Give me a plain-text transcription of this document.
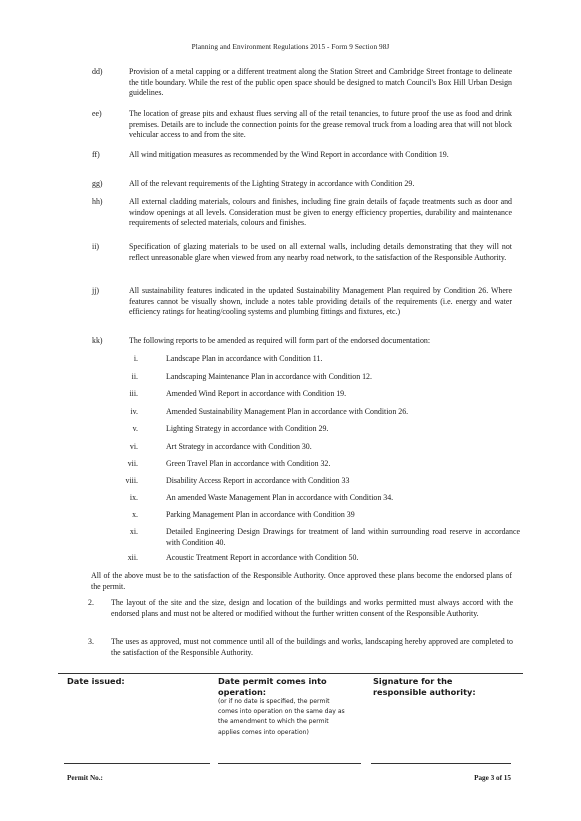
Planning and Environment Regulations 2015 - Form 9 Section 98J
dd)	Provision of a metal capping or a different treatment along the Station Street and Cambridge Street frontage to delineate the title boundary. While the rest of the public open space should be designed to match Council's Box Hill Urban Design guidelines.
ee)	The location of grease pits and exhaust flues serving all of the retail tenancies, to future proof the use as food and drink premises. Details are to include the connection points for the grease removal truck from a loading area that will not block vehicular access to and from the site.
ff)	All wind mitigation measures as recommended by the Wind Report in accordance with Condition 19.
gg)	All of the relevant requirements of the Lighting Strategy in accordance with Condition 29.
hh)	All external cladding materials, colours and finishes, including fine grain details of façade treatments such as door and window openings at all levels. Consideration must be given to energy efficiency properties, durability and maintenance requirements of selected materials, colours and finishes.
ii)	Specification of glazing materials to be used on all external walls, including details demonstrating that they will not reflect unreasonable glare when viewed from any nearby road network, to the satisfaction of the Responsible Authority.
jj)	All sustainability features indicated in the updated Sustainability Management Plan required by Condition 26. Where features cannot be visually shown, include a notes table providing details of the requirements (i.e. energy and water efficiency ratings for heating/cooling systems and plumbing fittings and fixtures, etc.)
kk)	The following reports to be amended as required will form part of the endorsed documentation:
i.	Landscape Plan in accordance with Condition 11.
ii.	Landscaping Maintenance Plan in accordance with Condition 12.
iii.	Amended Wind Report in accordance with Condition 19.
iv.	Amended Sustainability Management Plan in accordance with Condition 26.
v.	Lighting Strategy in accordance with Condition 29.
vi.	Art Strategy in accordance with Condition 30.
vii.	Green Travel Plan in accordance with Condition 32.
viii.	Disability Access Report in accordance with Condition 33
ix.	An amended Waste Management Plan in accordance with Condition 34.
x.	Parking Management Plan in accordance with Condition 39
xi.	Detailed Engineering Design Drawings for treatment of land within surrounding road reserve in accordance with Condition 40.
xii.	Acoustic Treatment Report in accordance with Condition 50.
All of the above must be to the satisfaction of the Responsible Authority. Once approved these plans become the endorsed plans of the permit.
2. The layout of the site and the size, design and location of the buildings and works permitted must always accord with the endorsed plans and must not be altered or modified without the further written consent of the Responsible Authority.
3. The uses as approved, must not commence until all of the buildings and works, landscaping hereby approved are completed to the satisfaction of the Responsible Authority.
Date issued:	Date permit comes into operation:
(or if no date is specified, the permit comes into operation on the same day as the amendment to which the permit applies comes into operation)
Signature for the responsible authority:
Permit No.:	Page 3 of 15
